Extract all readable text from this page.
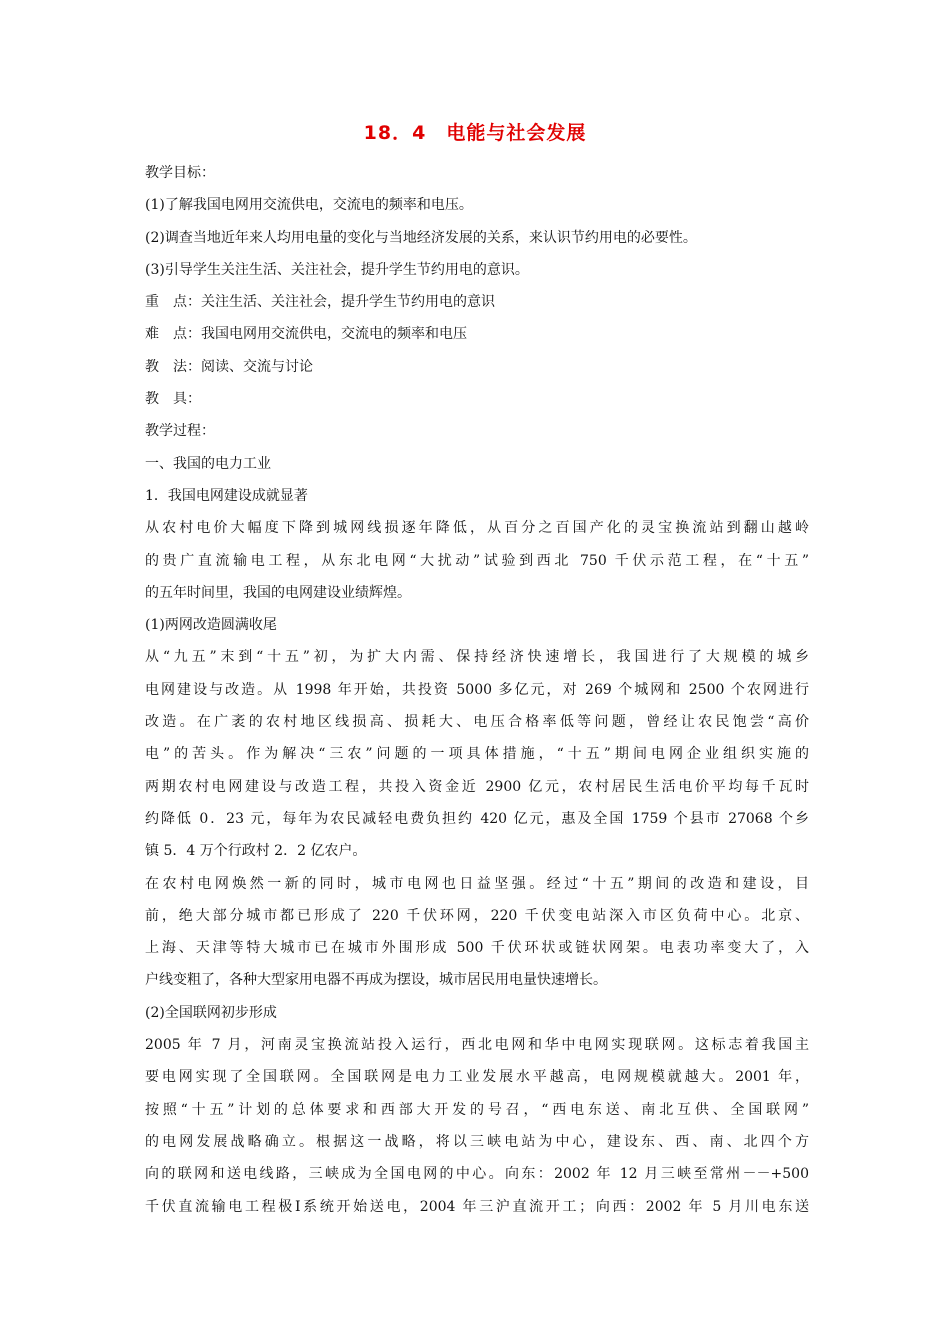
18．4　电能与社会发展
教学目标：
(1)了解我国电网用交流供电，交流电的频率和电压。
(2)调查当地近年来人均用电量的变化与当地经济发展的关系，来认识节约用电的必要性。
(3)引导学生关注生活、关注社会，提升学生节约用电的意识。
重　点：关注生活、关注社会，提升学生节约用电的意识
难　点：我国电网用交流供电，交流电的频率和电压
教　法：阅读、交流与讨论
教　具：
教学过程：
一、我国的电力工业
1．我国电网建设成就显著
从农村电价大幅度下降到城网线损逐年降低，从百分之百国产化的灵宝换流站到翻山越岭
的贵广直流输电工程，从东北电网“大扰动”试验到西北 750 千伏示范工程，在“十五”
的五年时间里，我国的电网建设业绩辉煌。
(1)两网改造圆满收尾
从“九五”末到“十五”初，为扩大内需、保持经济快速增长，我国进行了大规模的城乡
电网建设与改造。从 1998 年开始，共投资 5000 多亿元，对 269 个城网和 2500 个农网进行
改造。在广袤的农村地区线损高、损耗大、电压合格率低等问题，曾经让农民饱尝“高价
电”的苦头。作为解决“三农”问题的一项具体措施，“十五”期间电网企业组织实施的
两期农村电网建设与改造工程，共投入资金近 2900 亿元，农村居民生活电价平均每千瓦时
约降低 0．23 元，每年为农民减轻电费负担约 420 亿元，惠及全国 1759 个县市 27068 个乡
镇 5．4 万个行政村 2．2 亿农户。
在农村电网焕然一新的同时，城市电网也日益坚强。经过“十五”期间的改造和建设，目
前，绝大部分城市都已形成了 220 千伏环网，220 千伏变电站深入市区负荷中心。北京、
上海、天津等特大城市已在城市外围形成 500 千伏环状或链状网架。电表功率变大了，入
户线变粗了，各种大型家用电器不再成为摆设，城市居民用电量快速增长。
(2)全国联网初步形成
2005 年 7 月，河南灵宝换流站投入运行，西北电网和华中电网实现联网。这标志着我国主
要电网实现了全国联网。全国联网是电力工业发展水平越高，电网规模就越大。2001 年，
按照“十五”计划的总体要求和西部大开发的号召，“西电东送、南北互供、全国联网”
的电网发展战略确立。根据这一战略，将以三峡电站为中心，建设东、西、南、北四个方
向的联网和送电线路，三峡成为全国电网的中心。向东：2002 年 12 月三峡至常州－－+500
千伏直流输电工程极Ⅰ系统开始送电，2004 年三沪直流开工；向西：2002 年 5 月川电东送
